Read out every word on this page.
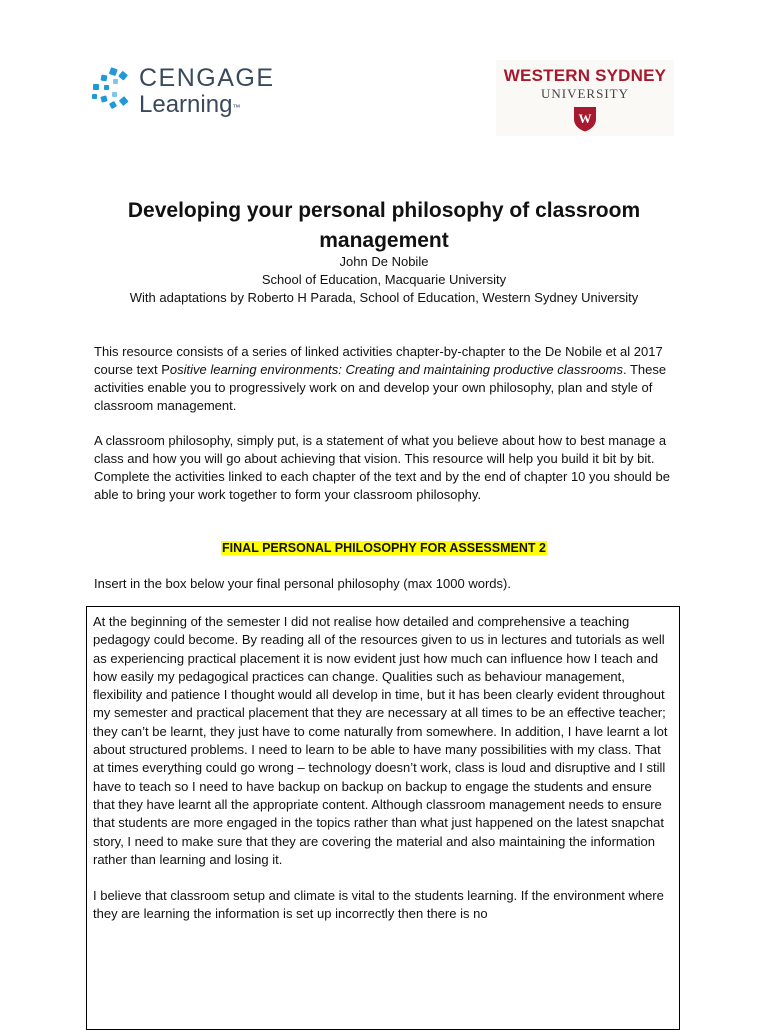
CENGAGE
Learning™
WESTERN SYDNEY
UNIVERSITY
W
Developing your personal philosophy of classroom management
John De Nobile
School of Education, Macquarie University
With adaptations by Roberto H Parada, School of Education, Western Sydney University

This resource consists of a series of linked activities chapter-by-chapter to the De Nobile et al 2017 course text Positive learning environments: Creating and maintaining productive classrooms. These activities enable you to progressively work on and develop your own philosophy, plan and style of classroom management.

A classroom philosophy, simply put, is a statement of what you believe about how to best manage a class and how you will go about achieving that vision. This resource will help you build it bit by bit. Complete the activities linked to each chapter of the text and by the end of chapter 10 you should be able to bring your work together to form your classroom philosophy.

FINAL PERSONAL PHILOSOPHY FOR ASSESSMENT 2

Insert in the box below your final personal philosophy (max 1000 words).

At the beginning of the semester I did not realise how detailed and comprehensive a teaching pedagogy could become. By reading all of the resources given to us in lectures and tutorials as well as experiencing practical placement it is now evident just how much can influence how I teach and how easily my pedagogical practices can change. Qualities such as behaviour management, flexibility and patience I thought would all develop in time, but it has been clearly evident throughout my semester and practical placement that they are necessary at all times to be an effective teacher; they can’t be learnt, they just have to come naturally from somewhere. In addition, I have learnt a lot about structured problems. I need to learn to be able to have many possibilities with my class. That at times everything could go wrong – technology doesn’t work, class is loud and disruptive and I still have to teach so I need to have backup on backup on backup to engage the students and ensure that they have learnt all the appropriate content. Although classroom management needs to ensure that students are more engaged in the topics rather than what just happened on the latest snapchat story, I need to make sure that they are covering the material and also maintaining the information rather than learning and losing it.

I believe that classroom setup and climate is vital to the students learning. If the environment where they are learning the information is set up incorrectly then there is no
